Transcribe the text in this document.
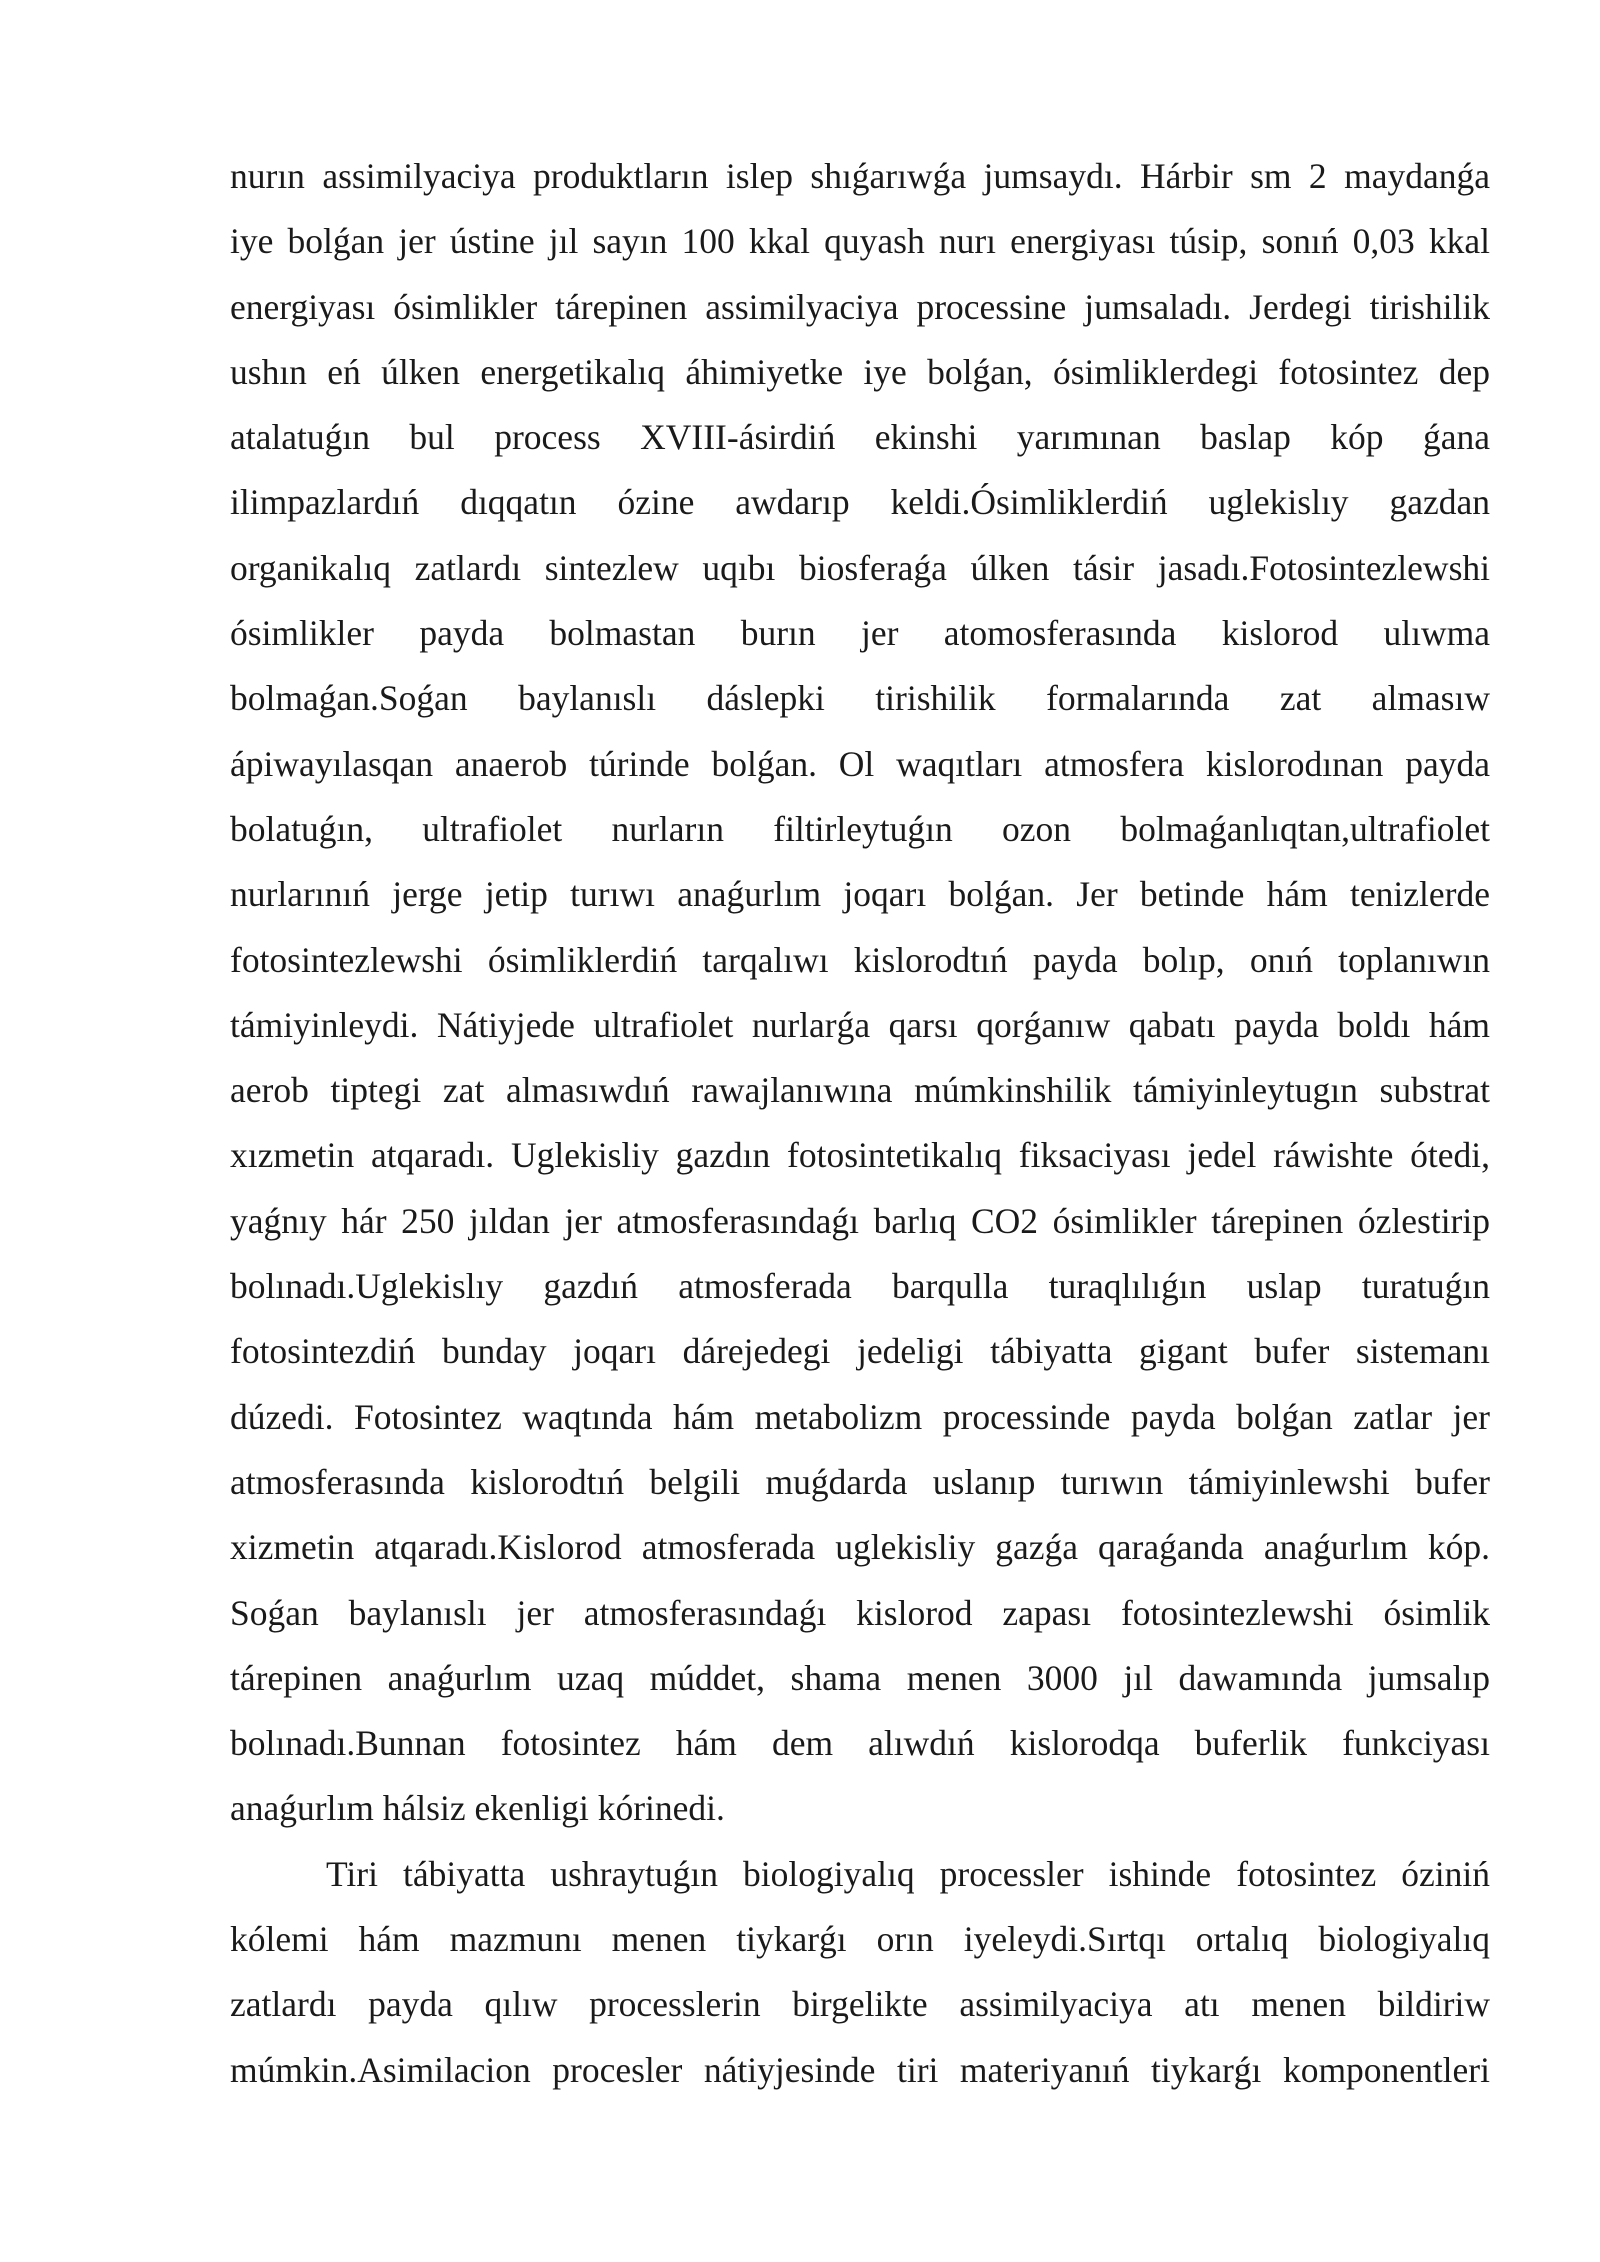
nurın assimilyaciya produktların islep shıǵarıwǵa jumsaydı. Hárbir sm 2 maydanǵa
iye bolǵan jer ústine jıl sayın 100 kkal quyash nurı energiyası túsip, sonıń 0,03 kkal
energiyası ósimlikler tárepinen assimilyaciya processine jumsaladı. Jerdegi tirishilik
ushın eń úlken energetikalıq áhimiyetke iye bolǵan, ósimliklerdegi fotosintez dep
atalatuǵın bul process XVIII-ásirdiń ekinshi yarımınan baslap kóp ǵana
ilimpazlardıń dıqqatın ózine awdarıp keldi.Ósimliklerdiń uglekislıy gazdan
organikalıq zatlardı sintezlew uqıbı biosferaǵa úlken tásir jasadı.Fotosintezlewshi
ósimlikler payda bolmastan burın jer atomosferasında kislorod ulıwma
bolmaǵan.Soǵan baylanıslı dáslepki tirishilik formalarında zat almasıw
ápiwayılasqan anaerob túrinde bolǵan. Ol waqıtları atmosfera kislorodınan payda
bolatuǵın, ultrafiolet nurların filtirleytuǵın ozon bolmaǵanlıqtan,ultrafiolet
nurlarınıń jerge jetip turıwı anaǵurlım joqarı bolǵan. Jer betinde hám tenizlerde
fotosintezlewshi ósimliklerdiń tarqalıwı kislorodtıń payda bolıp, onıń toplanıwın
támiyinleydi. Nátiyjede ultrafiolet nurlarǵa qarsı qorǵanıw qabatı payda boldı hám
aerob tiptegi zat almasıwdıń rawajlanıwına múmkinshilik támiyinleytugın substrat
xızmetin atqaradı. Uglekisliy gazdın fotosintetikalıq fiksaciyası jedel ráwishte ótedi,
yaǵnıy hár 250 jıldan jer atmosferasındaǵı barlıq CO2 ósimlikler tárepinen ózlestirip
bolınadı.Uglekislıy gazdıń atmosferada barqulla turaqlılıǵın uslap turatuǵın
fotosintezdiń bunday joqarı dárejedegi jedeligi tábiyatta gigant bufer sistemanı
dúzedi. Fotosintez waqtında hám metabolizm processinde payda bolǵan zatlar jer
atmosferasında kislorodtıń belgili muǵdarda uslanıp turıwın támiyinlewshi bufer
xizmetin atqaradı.Kislorod atmosferada uglekisliy gazǵa qaraǵanda anaǵurlım kóp.
Soǵan baylanıslı jer atmosferasındaǵı kislorod zapası fotosintezlewshi ósimlik
tárepinen anaǵurlım uzaq múddet, shama menen 3000 jıl dawamında jumsalıp
bolınadı.Bunnan fotosintez hám dem alıwdıń kislorodqa buferlik funkciyası
anaǵurlım hálsiz ekenligi kórinedi.
Tiri tábiyatta ushraytuǵın biologiyalıq processler ishinde fotosintez óziniń
kólemi hám mazmunı menen tiykarǵı orın iyeleydi.Sırtqı ortalıq biologiyalıq
zatlardı payda qılıw processlerin birgelikte assimilyaciya atı menen bildiriw
múmkin.Asimilacion procesler nátiyjesinde tiri materiyanıń tiykarǵı komponentleri
